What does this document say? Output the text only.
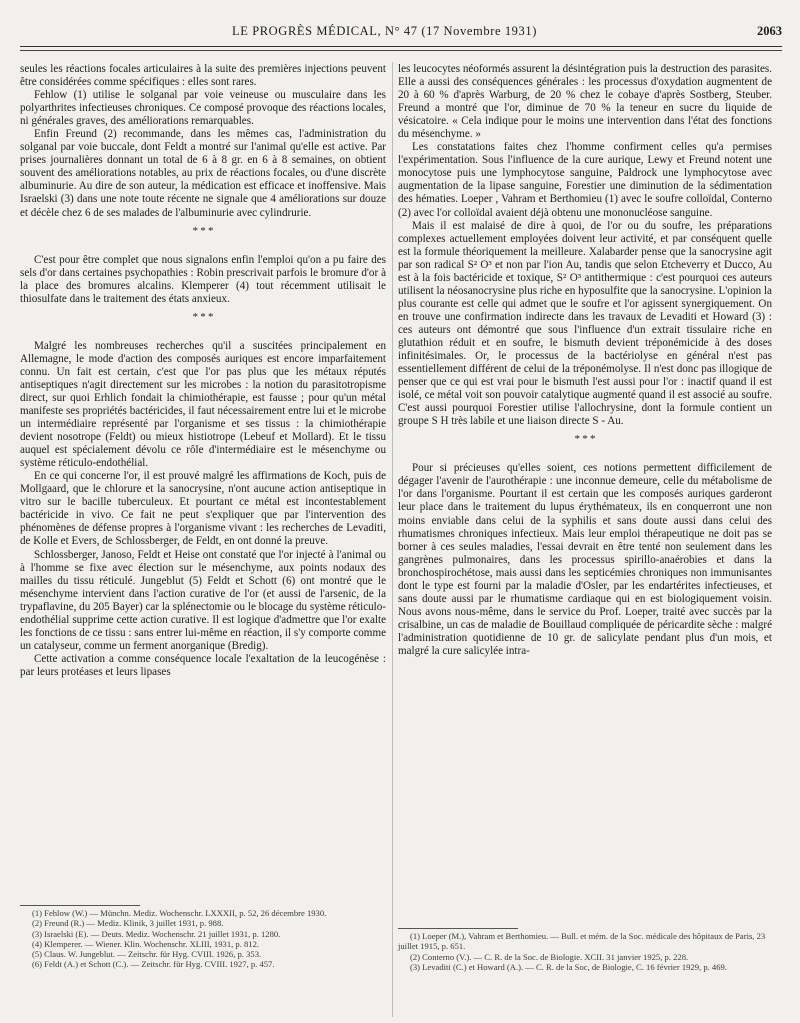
LE PROGRÈS MÉDICAL, N° 47 (17 Novembre 1931)	2063

seules les réactions focales articulaires à la suite des premières injections peuvent être considérées comme spécifiques : elles sont rares.

Fehlow (1) utilise le solganal par voie veineuse ou musculaire dans les polyarthrites infectieuses chroniques. Ce composé provoque des réactions locales, ni générales graves, des améliorations remarquables.

Enfin Freund (2) recommande, dans les mêmes cas, l'administration du solganal par voie buccale, dont Feldt a montré sur l'animal qu'elle est active. Par prises journalières donnant un total de 6 à 8 gr. en 6 à 8 semaines, on obtient souvent des améliorations notables, au prix de réactions focales, ou d'une discrète albuminurie. Au dire de son auteur, la médication est efficace et inoffensive. Mais Israelski (3) dans une note toute récente ne signale que 4 améliorations sur douze et décèle chez 6 de ses malades de l'albuminurie avec cylindrurie.

* * *

C'est pour être complet que nous signalons enfin l'emploi qu'on a pu faire des sels d'or dans certaines psychopathies : Robin prescrivait parfois le bromure d'or à la place des bromures alcalins. Klemperer (4) tout récemment utilisait le thiosulfate dans le traitement des états anxieux.

* * *

Malgré les nombreuses recherches qu'il a suscitées principalement en Allemagne, le mode d'action des composés auriques est encore imparfaitement connu. Un fait est certain, c'est que l'or pas plus que les métaux réputés antiseptiques n'agit directement sur les microbes : la notion du parasitotropisme direct, sur quoi Erhlich fondait la chimiothérapie, est fausse ; pour qu'un métal manifeste ses propriétés bactéricides, il faut nécessairement entre lui et le microbe un intermédiaire représenté par l'organisme et ses tissus : la chimiothérapie devient nosotrope (Feldt) ou mieux histiotrope (Lebeuf et Mollard). Et le tissu auquel est spécialement dévolu ce rôle d'intermédiaire est le mésenchyme ou système réticulo-endothélial.

En ce qui concerne l'or, il est prouvé malgré les affirmations de Koch, puis de Mollgaard, que le chlorure et la sanocrysine, n'ont aucune action antiseptique in vitro sur le bacille tuberculeux. Et pourtant ce métal est incontestablement bactéricide in vivo. Ce fait ne peut s'expliquer que par l'intervention des phénomènes de défense propres à l'organisme vivant : les recherches de Levaditi, de Kolle et Evers, de Schlossberger, de Feldt, en ont donné la preuve.

Schlossberger, Janoso, Feldt et Heise ont constaté que l'or injecté à l'animal ou à l'homme se fixe avec élection sur le mésenchyme, aux points nodaux des mailles du tissu réticulé. Jungeblut (5) Feldt et Schott (6) ont montré que le mésenchyme intervient dans l'action curative de l'or (et aussi de l'arsenic, de la trypaflavine, du 205 Bayer) car la splénectomie ou le blocage du système réticulo-endothélial supprime cette action curative. Il est logique d'admettre que l'or exalte les fonctions de ce tissu : sans entrer lui-même en réaction, il s'y comporte comme un catalyseur, comme un ferment anorganique (Bredig).

Cette activation a comme conséquence locale l'exaltation de la leucogénèse : par leurs protéases et leurs lipases

(1) Fehlow (W.) — Münchn. Mediz. Wochenschr. LXXXII, p. 52, 26 décembre 1930.

(2) Freund (R.) — Mediz. Klinik, 3 juillet 1931, p. 988.

(3) Israelski (E). — Deuts. Mediz. Wochenschr. 21 juillet 1931, p. 1280.

(4) Klemperer. — Wiener. Klin. Wochenschr. XLIII, 1931, p. 812.

(5) Claus. W. Jungeblut. — Zeitschr. für Hyg. CVIII. 1926, p. 353.

(6) Feldt (A.) et Schott (C.). — Zeitschr. für Hyg. CVIII. 1927, p. 457.

les leucocytes néoformés assurent la désintégration puis la destruction des parasites. Elle a aussi des conséquences générales : les processus d'oxydation augmentent de 20 à 60 % d'après Warburg, de 20 % chez le cobaye d'après Sostberg, Steuber. Freund a montré que l'or, diminue de 70 % la teneur en sucre du liquide de vésicatoire. « Cela indique pour le moins une intervention dans l'état des fonctions du mésenchyme. »

Les constatations faites chez l'homme confirment celles qu'a permises l'expérimentation. Sous l'influence de la cure aurique, Lewy et Freund notent une monocytose puis une lymphocytose sanguine, Paldrock une lymphocytose avec augmentation de la lipase sanguine, Forestier une diminution de la sédimentation des hématies. Loeper , Vahram et Berthomieu (1) avec le soufre colloïdal, Conterno (2) avec l'or colloïdal avaient déjà obtenu une mononucléose sanguine.

Mais il est malaisé de dire à quoi, de l'or ou du soufre, les préparations complexes actuellement employées doivent leur activité, et par conséquent quelle est la formule théoriquement la meilleure. Xalabarder pense que la sanocrysine agit par son radical S² O³ et non par l'ion Au, tandis que selon Etcheverry et Ducco, Au est à la fois bactéricide et toxique, S² O³ antithermique : c'est pourquoi ces auteurs utilisent la néosanocrysine plus riche en hyposulfite que la sanocrysine. L'opinion la plus courante est celle qui admet que le soufre et l'or agissent synergiquement. On en trouve une confirmation indirecte dans les travaux de Levaditi et Howard (3) : ces auteurs ont démontré que sous l'influence d'un extrait tissulaire riche en glutathion réduit et en soufre, le bismuth devient tréponémicide à des doses infinitésimales. Or, le processus de la bactériolyse en général n'est pas essentiellement différent de celui de la tréponémolyse. Il n'est donc pas illogique de penser que ce qui est vrai pour le bismuth l'est aussi pour l'or : inactif quand il est isolé, ce métal voit son pouvoir catalytique augmenté quand il est associé au soufre. C'est aussi pourquoi Forestier utilise l'allochrysine, dont la formule contient un groupe S H très labile et une liaison directe S - Au.

* * *

Pour si précieuses qu'elles soient, ces notions permettent difficilement de dégager l'avenir de l'aurothérapie : une inconnue demeure, celle du métabolisme de l'or dans l'organisme. Pourtant il est certain que les composés auriques garderont leur place dans le traitement du lupus érythémateux, ils en conquerront une non moins enviable dans celui de la syphilis et sans doute aussi dans celui des rhumatismes chroniques infectieux. Mais leur emploi thérapeutique ne doit pas se borner à ces seules maladies, l'essai devrait en être tenté non seulement dans les gangrènes pulmonaires, dans les processus spirillo-anaérobies et dans la bronchospirochétose, mais aussi dans les septicémies chroniques non immunisantes dont le type est fourni par la maladie d'Osler, par les endartérites infectieuses, et sans doute aussi par le rhumatisme cardiaque qui en est biologiquement voisin. Nous avons nous-même, dans le service du Prof. Loeper, traité avec succès par la crisalbine, un cas de maladie de Bouillaud compliquée de péricardite sèche : malgré l'administration quotidienne de 10 gr. de salicylate pendant plus d'un mois, et malgré la cure salicylée intra-

(1) Loeper (M.), Vahram et Berthomieu. — Bull. et mém. de la Soc. médicale des hôpitaux de Paris, 23 juillet 1915, p. 651.

(2) Conterno (V.). — C. R. de la Soc. de Biologie. XCII. 31 janvier 1925, p. 228.

(3) Levaditi (C.) et Howard (A.). — C. R. de la Soc, de Biologie, C. 16 février 1929, p. 469.
